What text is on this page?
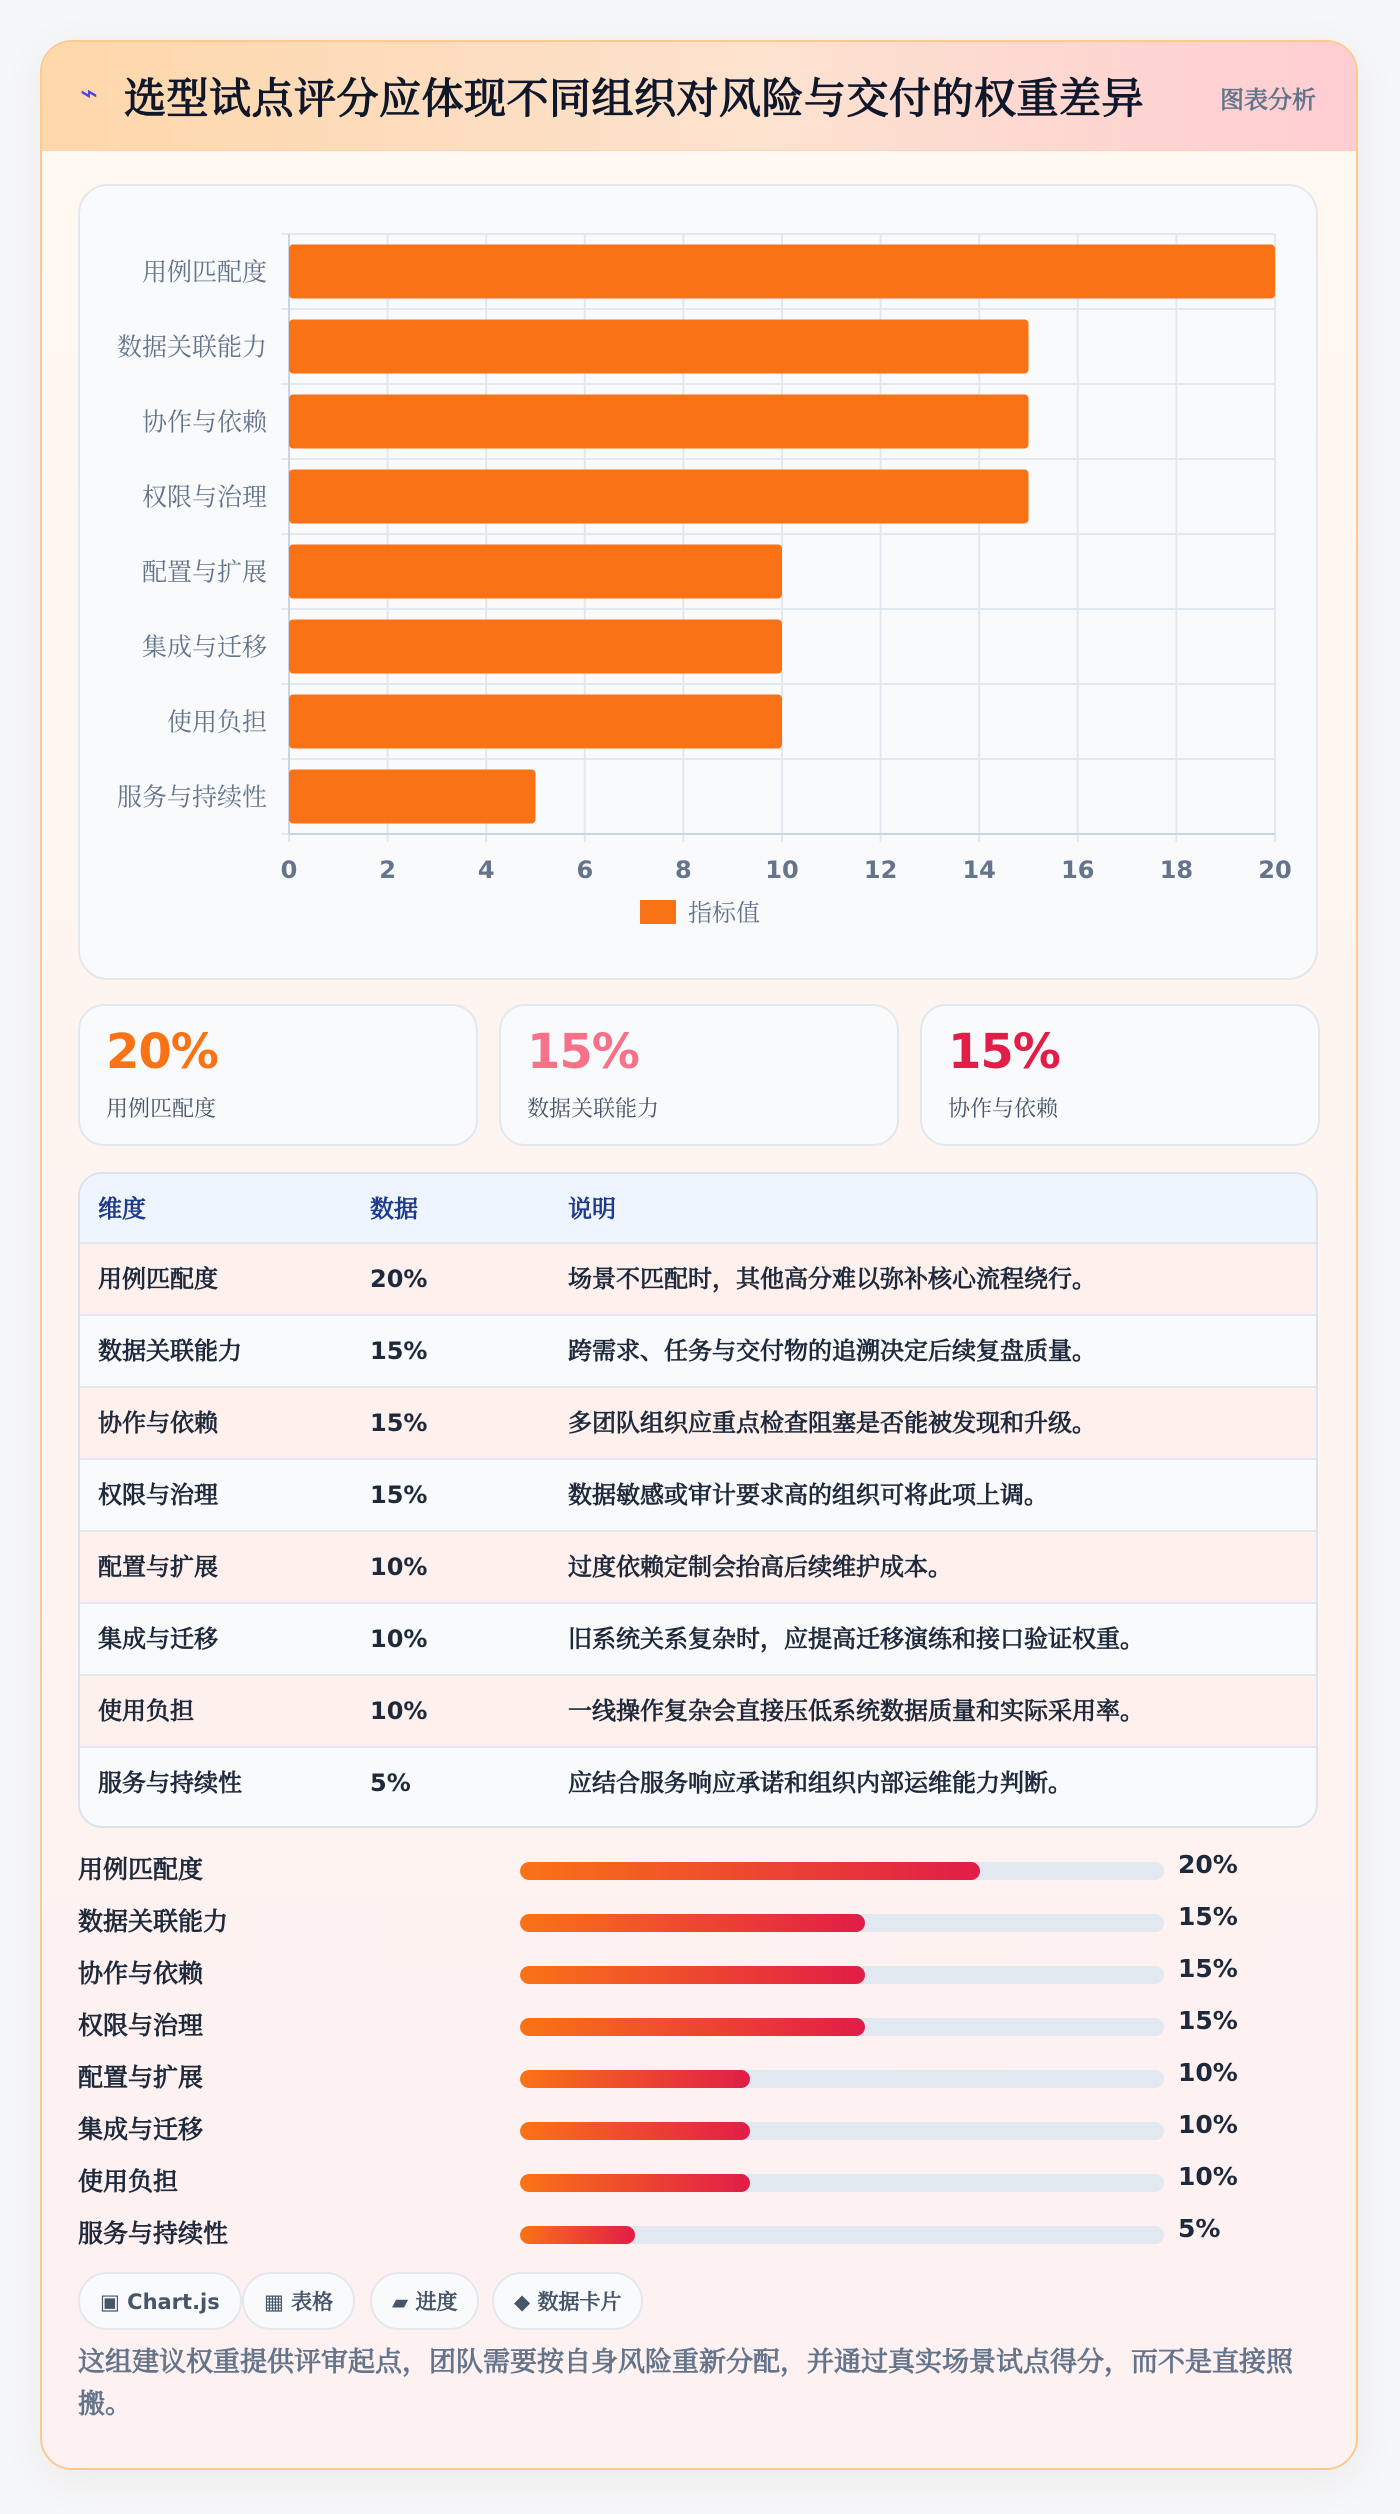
⌁ 选型试点评分应体现不同组织对风险与交付的权重差异	图表分析
0	2	4	6	8	10	12	14	16	18	20
用例匹配度
数据关联能力
协作与依赖
权限与治理
配置与扩展
集成与迁移
使用负担
服务与持续性
指标值
20%
用例匹配度
15%
数据关联能力
15%
协作与依赖
维度	数据	说明
用例匹配度	20%	场景不匹配时，其他高分难以弥补核心流程绕行。
数据关联能力	15%	跨需求、任务与交付物的追溯决定后续复盘质量。
协作与依赖	15%	多团队组织应重点检查阻塞是否能被发现和升级。
权限与治理	15%	数据敏感或审计要求高的组织可将此项上调。
配置与扩展	10%	过度依赖定制会抬高后续维护成本。
集成与迁移	10%	旧系统关系复杂时，应提高迁移演练和接口验证权重。
使用负担	10%	一线操作复杂会直接压低系统数据质量和实际采用率。
服务与持续性	5%	应结合服务响应承诺和组织内部运维能力判断。
用例匹配度	20%
数据关联能力	15%
协作与依赖	15%
权限与治理	15%
配置与扩展	10%
集成与迁移	10%
使用负担	10%
服务与持续性	5%
▣ Chart.js	▦ 表格	▰ 进度	◆ 数据卡片
这组建议权重提供评审起点，团队需要按自身风险重新分配，并通过真实场景试点得分，而不是直接照搬。
